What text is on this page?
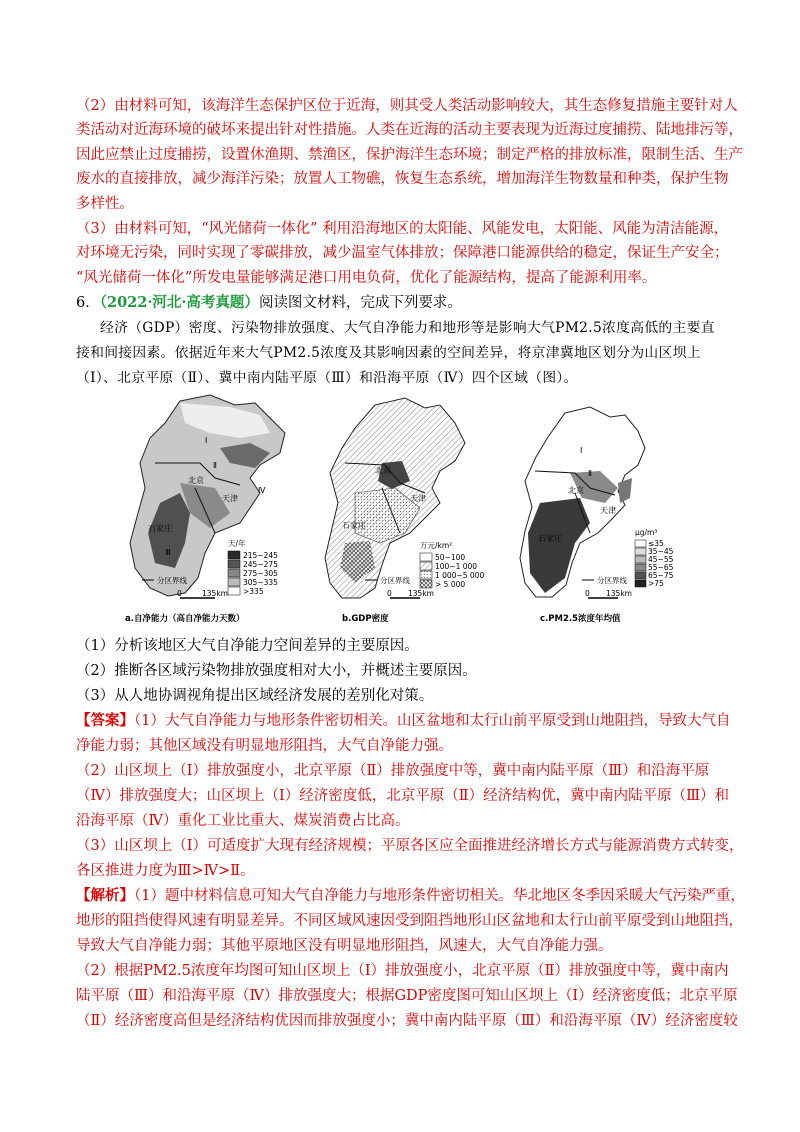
（2）由材料可知，该海洋生态保护区位于近海，则其受人类活动影响较大，其生态修复措施主要针对人
类活动对近海环境的破坏来提出针对性措施。人类在近海的活动主要表现为近海过度捕捞、陆地排污等，
因此应禁止过度捕捞，设置休渔期、禁渔区，保护海洋生态环境；制定严格的排放标准，限制生活、生产
废水的直接排放，减少海洋污染；放置人工物礁，恢复生态系统，增加海洋生物数量和种类，保护生物
多样性。
（3）由材料可知，“风光储荷一体化” 利用沿海地区的太阳能、风能发电，太阳能、风能为清洁能源，
对环境无污染，同时实现了零碳排放，减少温室气体排放；保障港口能源供给的稳定，保证生产安全；
“风光储荷一体化”所发电量能够满足港口用电负荷，优化了能源结构，提高了能源利用率。
6．（2022·河北·高考真题）阅读图文材料，完成下列要求。
经济（GDP）密度、污染物排放强度、大气自净能力和地形等是影响大气PM2.5浓度高低的主要直
接和间接因素。依据近年来大气PM2.5浓度及其影响因素的空间差异，将京津冀地区划分为山区坝上
（Ⅰ）、北京平原（Ⅱ）、冀中南内陆平原（Ⅲ）和沿海平原（Ⅳ）四个区域（图）。
Ⅰ
Ⅱ
Ⅲ
Ⅳ
北京
天津
石家庄
天/年
215~245
245~275
275~305
305~335
>335
分区界线
0	135km
a.自净能力（高自净能力天数）
北京
天津
石家庄
万元/km²
50~100
100~1 000
1 000~5 000
> 5 000
分区界线
0 135km
b.GDP密度
Ⅰ
Ⅱ
北京
天津
石家庄
μg/m³
≤35
35~45
45~55
55~65
65~75
>75
分区界线
0 135km
c.PM2.5浓度年均值
（1）分析该地区大气自净能力空间差异的主要原因。
（2）推断各区域污染物排放强度相对大小，并概述主要原因。
（3）从人地协调视角提出区域经济发展的差别化对策。
【答案】（1）大气自净能力与地形条件密切相关。山区盆地和太行山前平原受到山地阻挡，导致大气自
净能力弱；其他区域没有明显地形阻挡，大气自净能力强。
（2）山区坝上（Ⅰ）排放强度小，北京平原（Ⅱ）排放强度中等，冀中南内陆平原（Ⅲ）和沿海平原
（Ⅳ）排放强度大；山区坝上（Ⅰ）经济密度低，北京平原（Ⅱ）经济结构优，冀中南内陆平原（Ⅲ）和
沿海平原（Ⅳ）重化工业比重大、煤炭消费占比高。
（3）山区坝上（Ⅰ）可适度扩大现有经济规模；平原各区应全面推进经济增长方式与能源消费方式转变，
各区推进力度为Ⅲ>Ⅳ>Ⅱ。
【解析】（1）题中材料信息可知大气自净能力与地形条件密切相关。华北地区冬季因采暖大气污染严重，
地形的阻挡使得风速有明显差异。不同区域风速因受到阻挡地形山区盆地和太行山前平原受到山地阻挡，
导致大气自净能力弱；其他平原地区没有明显地形阻挡，风速大，大气自净能力强。
（2）根据PM2.5浓度年均图可知山区坝上（Ⅰ）排放强度小，北京平原（Ⅱ）排放强度中等，冀中南内
陆平原（Ⅲ）和沿海平原（Ⅳ）排放强度大；根据GDP密度图可知山区坝上（Ⅰ）经济密度低；北京平原
（Ⅱ）经济密度高但是经济结构优因而排放强度小；冀中南内陆平原（Ⅲ）和沿海平原（Ⅳ）经济密度较
